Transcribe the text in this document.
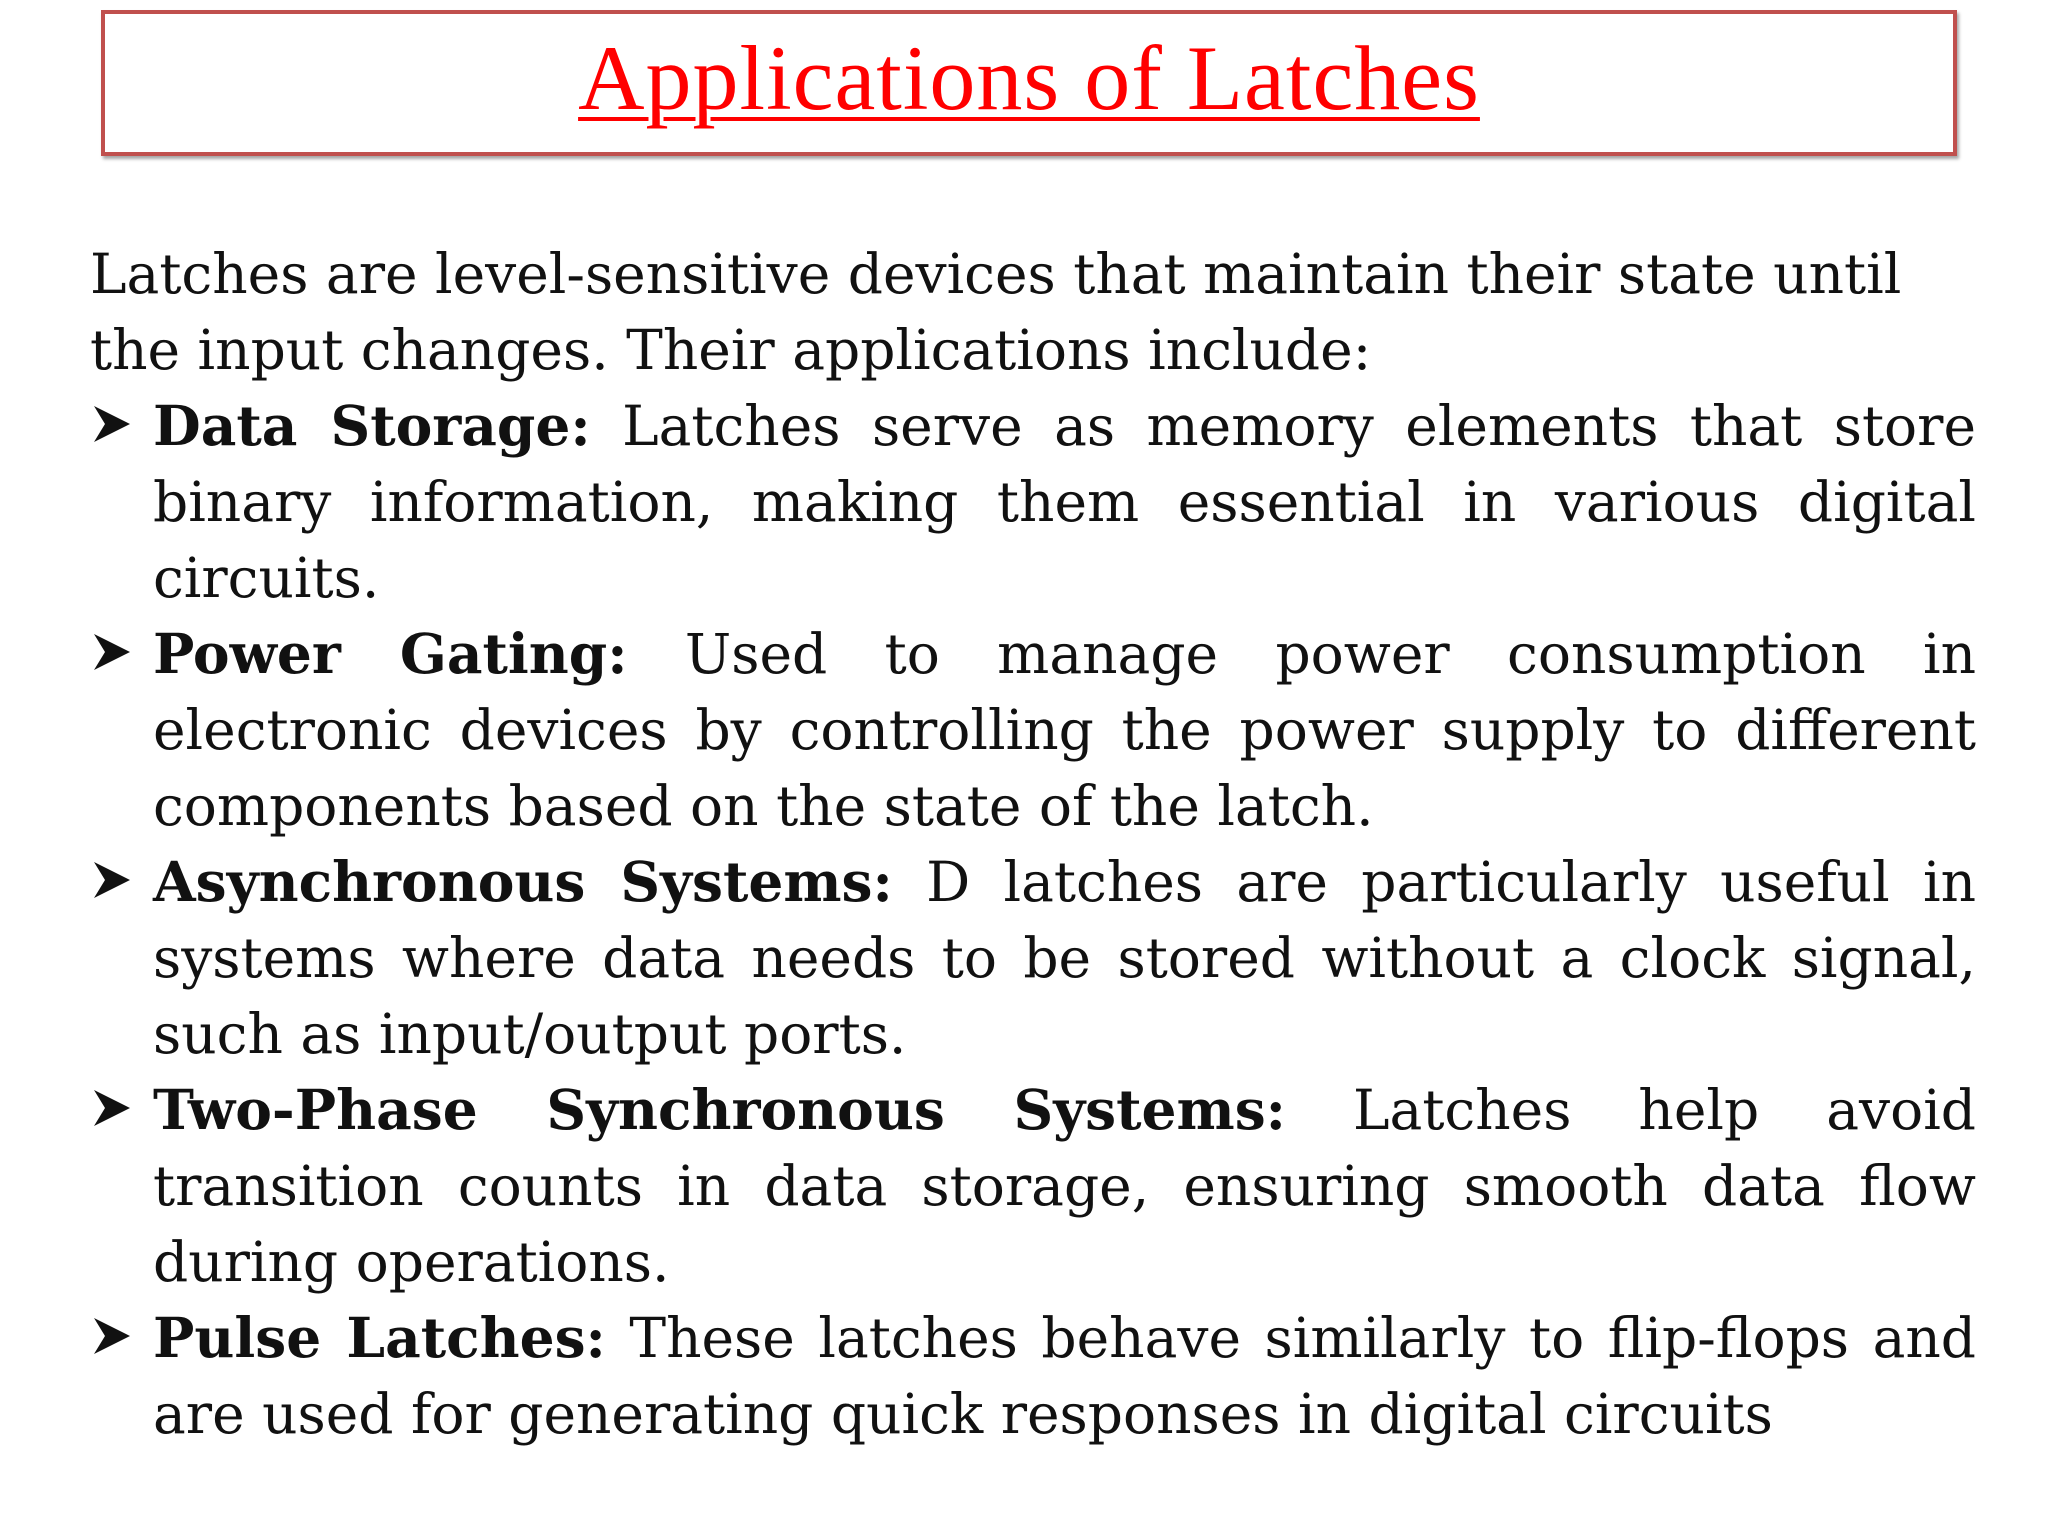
Applications of Latches

Latches are level-sensitive devices that maintain their state until the input changes. Their applications include:

Data Storage: Latches serve as memory elements that store binary information, making them essential in various digital circuits.
Power Gating: Used to manage power consumption in electronic devices by controlling the power supply to different components based on the state of the latch.
Asynchronous Systems: D latches are particularly useful in systems where data needs to be stored without a clock signal, such as input/output ports.
Two-Phase Synchronous Systems: Latches help avoid transition counts in data storage, ensuring smooth data flow during operations.
Pulse Latches: These latches behave similarly to flip-flops and are used for generating quick responses in digital circuits
